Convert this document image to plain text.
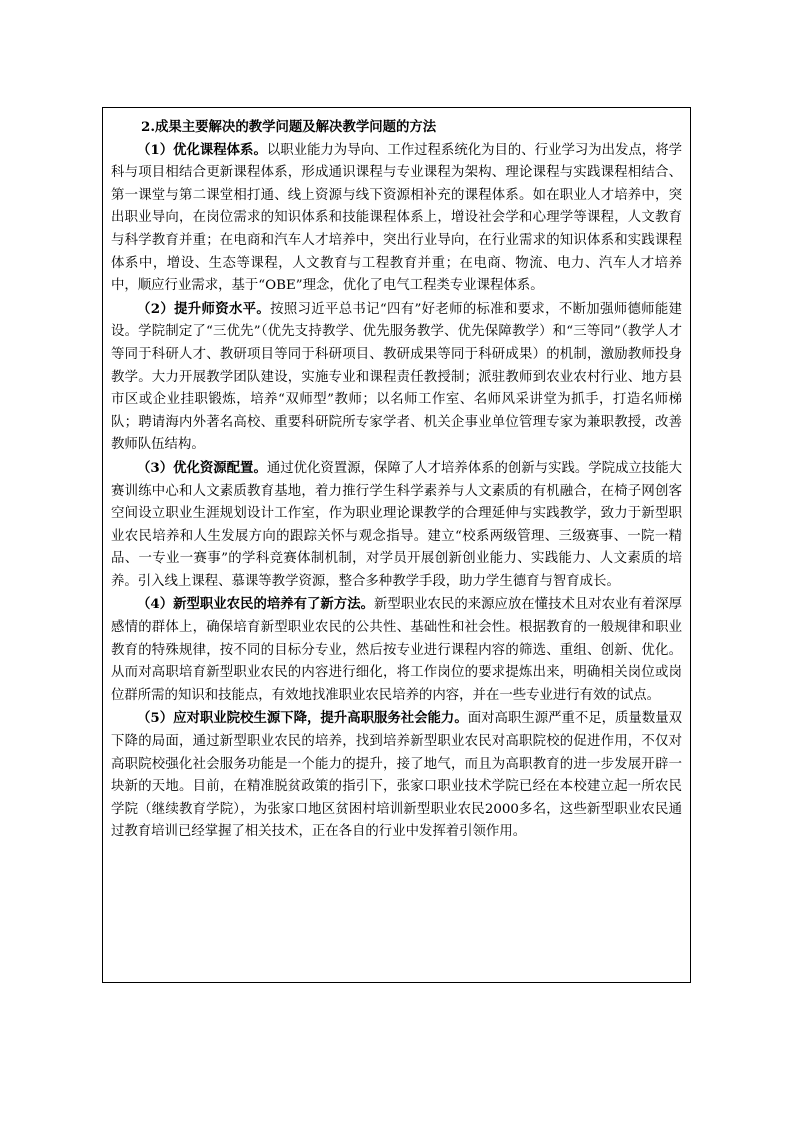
2.成果主要解决的教学问题及解决教学问题的方法

（1）优化课程体系。以职业能力为导向、工作过程系统化为目的、行业学习为出发点，将学科与项目相结合更新课程体系，形成通识课程与专业课程为架构、理论课程与实践课程相结合、第一课堂与第二课堂相打通、线上资源与线下资源相补充的课程体系。如在职业人才培养中，突出职业导向，在岗位需求的知识体系和技能课程体系上，增设社会学和心理学等课程，人文教育与科学教育并重；在电商和汽车人才培养中，突出行业导向，在行业需求的知识体系和实践课程体系中，增设、生态等课程，人文教育与工程教育并重；在电商、物流、电力、汽车人才培养中，顺应行业需求，基于“OBE”理念，优化了电气工程类专业课程体系。

（2）提升师资水平。按照习近平总书记“四有”好老师的标准和要求，不断加强师德师能建设。学院制定了“三优先”（优先支持教学、优先服务教学、优先保障教学）和“三等同”（教学人才等同于科研人才、教研项目等同于科研项目、教研成果等同于科研成果）的机制，激励教师投身教学。大力开展教学团队建设，实施专业和课程责任教授制；派驻教师到农业农村行业、地方县市区或企业挂职锻炼，培养“双师型”教师；以名师工作室、名师风采讲堂为抓手，打造名师梯队；聘请海内外著名高校、重要科研院所专家学者、机关企事业单位管理专家为兼职教授，改善教师队伍结构。

（3）优化资源配置。通过优化资置源，保障了人才培养体系的创新与实践。学院成立技能大赛训练中心和人文素质教育基地，着力推行学生科学素养与人文素质的有机融合，在椅子网创客空间设立职业生涯规划设计工作室，作为职业理论课教学的合理延伸与实践教学，致力于新型职业农民培养和人生发展方向的跟踪关怀与观念指导。建立“校系两级管理、三级赛事、一院一精品、一专业一赛事”的学科竞赛体制机制，对学员开展创新创业能力、实践能力、人文素质的培养。引入线上课程、慕课等教学资源，整合多种教学手段，助力学生德育与智育成长。

（4）新型职业农民的培养有了新方法。新型职业农民的来源应放在懂技术且对农业有着深厚感情的群体上，确保培育新型职业农民的公共性、基础性和社会性。根据教育的一般规律和职业教育的特殊规律，按不同的目标分专业，然后按专业进行课程内容的筛选、重组、创新、优化。从而对高职培育新型职业农民的内容进行细化，将工作岗位的要求提炼出来，明确相关岗位或岗位群所需的知识和技能点，有效地找准职业农民培养的内容，并在一些专业进行有效的试点。

（5）应对职业院校生源下降，提升高职服务社会能力。面对高职生源严重不足，质量数量双下降的局面，通过新型职业农民的培养，找到培养新型职业农民对高职院校的促进作用，不仅对高职院校强化社会服务功能是一个能力的提升，接了地气，而且为高职教育的进一步发展开辟一块新的天地。目前，在精准脱贫政策的指引下，张家口职业技术学院已经在本校建立起一所农民学院（继续教育学院），为张家口地区贫困村培训新型职业农民2000多名，这些新型职业农民通过教育培训已经掌握了相关技术，正在各自的行业中发挥着引领作用。
